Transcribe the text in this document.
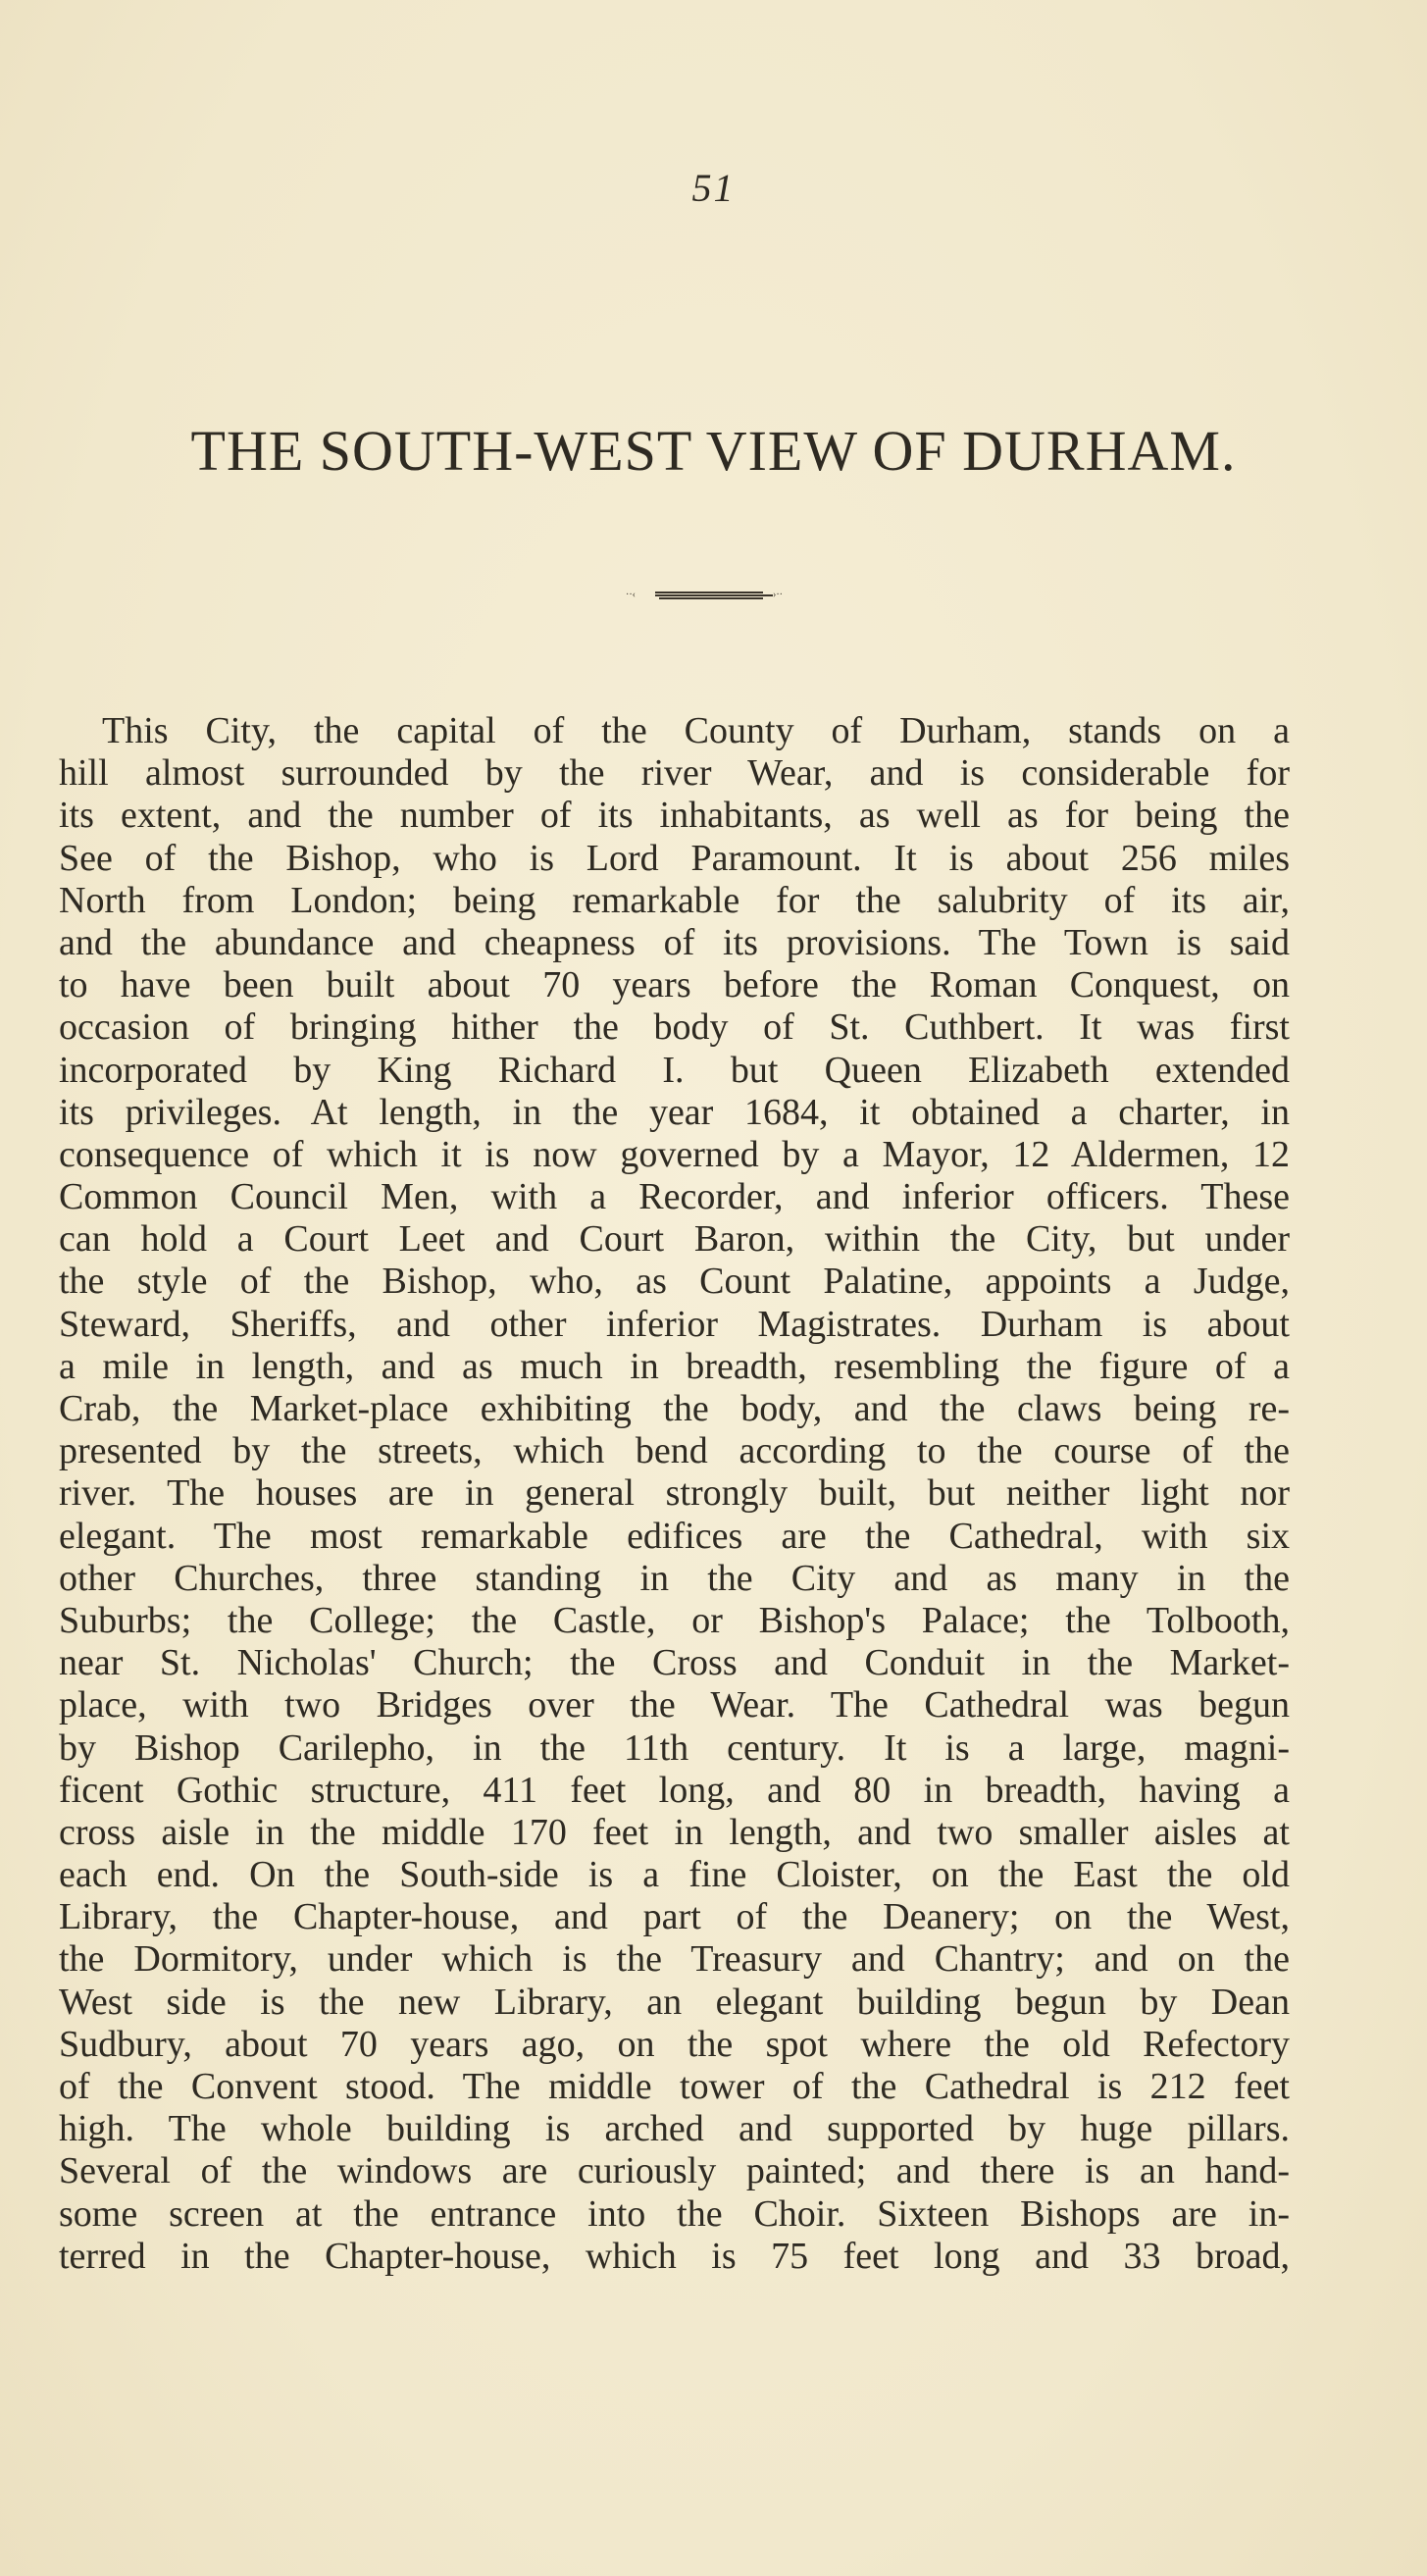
51
THE SOUTH-WEST VIEW OF DURHAM.
··‹	›··
This City, the capital of the County of Durham, stands on a
hill almost surrounded by the river Wear, and is considerable for
its extent, and the number of its inhabitants, as well as for being the
See of the Bishop, who is Lord Paramount. It is about 256 miles
North from London; being remarkable for the salubrity of its air,
and the abundance and cheapness of its provisions. The Town is said
to have been built about 70 years before the Roman Conquest, on
occasion of bringing hither the body of St. Cuthbert. It was first
incorporated by King Richard I. but Queen Elizabeth extended
its privileges. At length, in the year 1684, it obtained a charter, in
consequence of which it is now governed by a Mayor, 12 Aldermen, 12
Common Council Men, with a Recorder, and inferior officers. These
can hold a Court Leet and Court Baron, within the City, but under
the style of the Bishop, who, as Count Palatine, appoints a Judge,
Steward, Sheriffs, and other inferior Magistrates. Durham is about
a mile in length, and as much in breadth, resembling the figure of a
Crab, the Market-place exhibiting the body, and the claws being re-
presented by the streets, which bend according to the course of the
river. The houses are in general strongly built, but neither light nor
elegant. The most remarkable edifices are the Cathedral, with six
other Churches, three standing in the City and as many in the
Suburbs; the College; the Castle, or Bishop's Palace; the Tolbooth,
near St. Nicholas' Church; the Cross and Conduit in the Market-
place, with two Bridges over the Wear. The Cathedral was begun
by Bishop Carilepho, in the 11th century. It is a large, magni-
ficent Gothic structure, 411 feet long, and 80 in breadth, having a
cross aisle in the middle 170 feet in length, and two smaller aisles at
each end. On the South-side is a fine Cloister, on the East the old
Library, the Chapter-house, and part of the Deanery; on the West,
the Dormitory, under which is the Treasury and Chantry; and on the
West side is the new Library, an elegant building begun by Dean
Sudbury, about 70 years ago, on the spot where the old Refectory
of the Convent stood. The middle tower of the Cathedral is 212 feet
high. The whole building is arched and supported by huge pillars.
Several of the windows are curiously painted; and there is an hand-
some screen at the entrance into the Choir. Sixteen Bishops are in-
terred in the Chapter-house, which is 75 feet long and 33 broad,
